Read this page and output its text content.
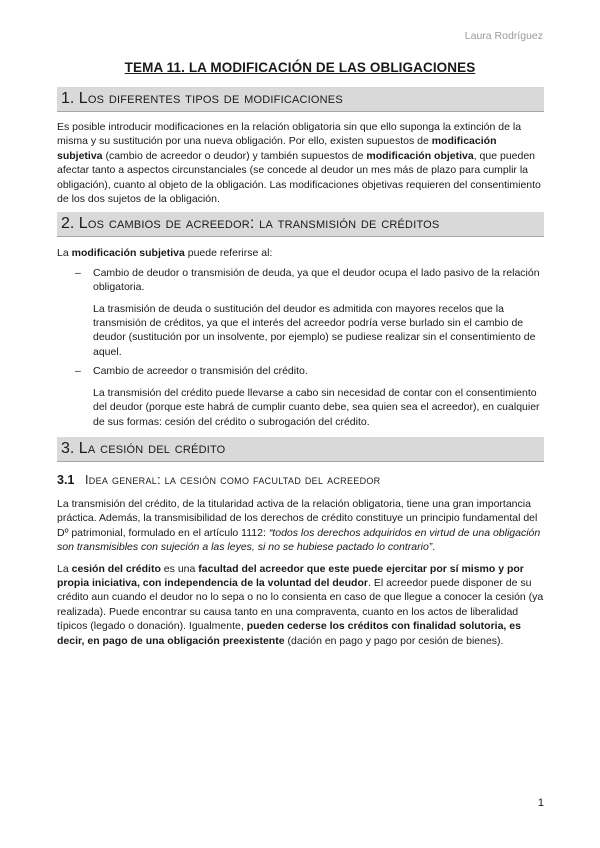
Laura Rodríguez
TEMA 11. LA MODIFICACIÓN DE LAS OBLIGACIONES
1. Los diferentes tipos de modificaciones

Es posible introducir modificaciones en la relación obligatoria sin que ello suponga la extinción de la misma y su sustitución por una nueva obligación. Por ello, existen supuestos de modificación subjetiva (cambio de acreedor o deudor) y también supuestos de modificación objetiva, que pueden afectar tanto a aspectos circunstanciales (se concede al deudor un mes más de plazo para cumplir la obligación), cuanto al objeto de la obligación. Las modificaciones objetivas requieren del consentimiento de los dos sujetos de la obligación.

2. Los cambios de acreedor: la transmisión de créditos

La modificación subjetiva puede referirse al:

– Cambio de deudor o transmisión de deuda, ya que el deudor ocupa el lado pasivo de la relación obligatoria.

La trasmisión de deuda o sustitución del deudor es admitida con mayores recelos que la transmisión de créditos, ya que el interés del acreedor podría verse burlado sin el cambio de deudor (sustitución por un insolvente, por ejemplo) se pudiese realizar sin el consentimiento de aquel.

– Cambio de acreedor o transmisión del crédito.

La transmisión del crédito puede llevarse a cabo sin necesidad de contar con el consentimiento del deudor (porque este habrá de cumplir cuanto debe, sea quien sea el acreedor), en cualquier de sus formas: cesión del crédito o subrogación del crédito.

3. La cesión del crédito
3.1 Idea general: la cesión como facultad del acreedor

La transmisión del crédito, de la titularidad activa de la relación obligatoria, tiene una gran importancia práctica. Además, la transmisibilidad de los derechos de crédito constituye un principio fundamental del Dº patrimonial, formulado en el artículo 1112: “todos los derechos adquiridos en virtud de una obligación son transmisibles con sujeción a las leyes, si no se hubiese pactado lo contrario”.

La cesión del crédito es una facultad del acreedor que este puede ejercitar por sí mismo y por propia iniciativa, con independencia de la voluntad del deudor. El acreedor puede disponer de su crédito aun cuando el deudor no lo sepa o no lo consienta en caso de que llegue a conocer la cesión (ya realizada). Puede encontrar su causa tanto en una compraventa, cuanto en los actos de liberalidad típicos (legado o donación). Igualmente, pueden cederse los créditos con finalidad solutoria, es decir, en pago de una obligación preexistente (dación en pago y pago por cesión de bienes).

1
